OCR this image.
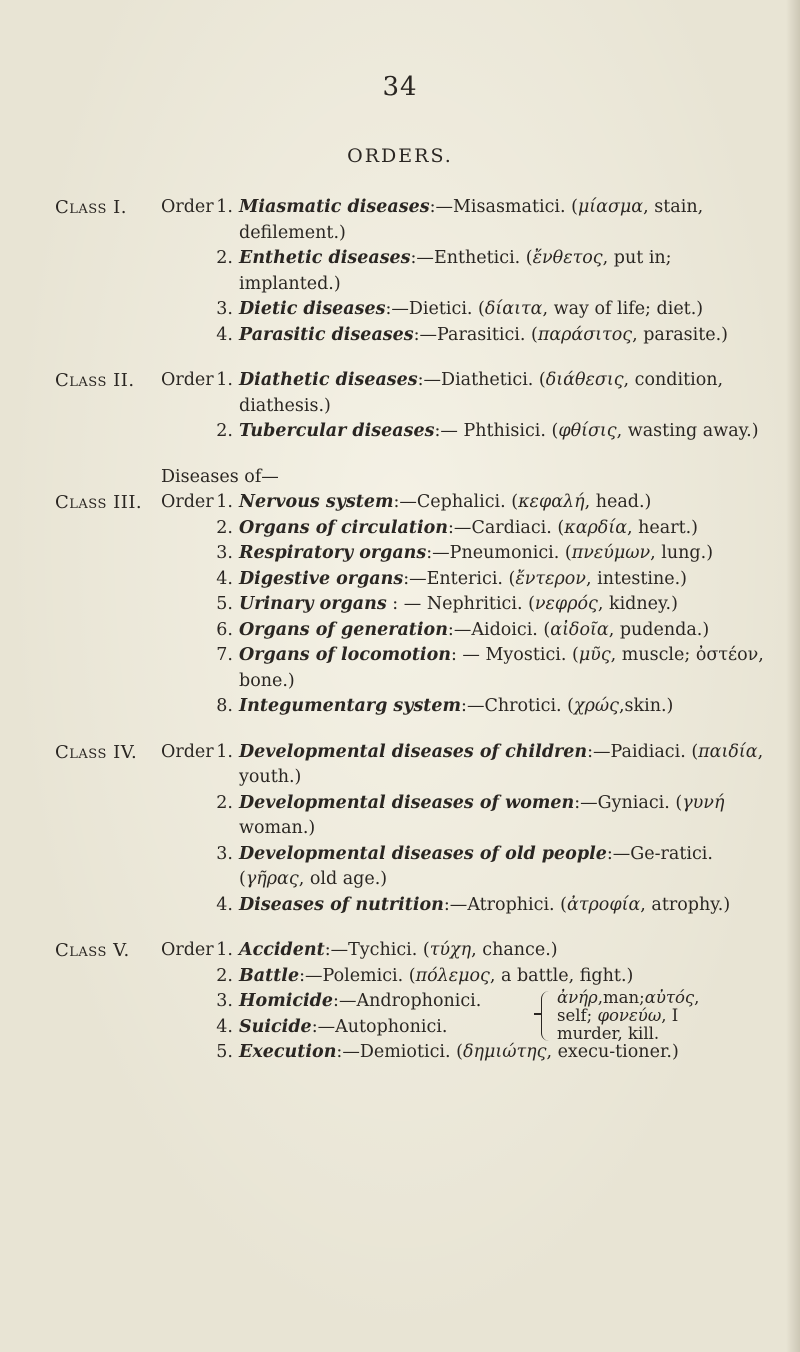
34
ORDERS.
Class I.	Order 1. Miasmatic diseases:—Misasmatici. (μίασμα, stain, defilement.)
2. Enthetic diseases:—Enthetici. (ἔνθετος, put in; implanted.)
3. Dietic diseases:—Dietici. (δίαιτα, way of life; diet.)
4. Parasitic diseases:—Parasitici. (παράσιτος, parasite.)
Class II.	Order 1. Diathetic diseases:—Diathetici. (διάθεσις, condition, diathesis.)
2. Tubercular diseases:— Phthisici. (φθίσις, wasting away.)
Diseases of—
Class III.	Order 1. Nervous system:—Cephalici. (κεφαλή, head.)
2. Organs of circulation:—Cardiaci. (καρδία, heart.)
3. Respiratory organs:—Pneumonici. (πνεύμων, lung.)
4. Digestive organs:—Enterici. (ἔντερον, intestine.)
5. Urinary organs : — Nephritici. (νεφρός, kidney.)
6. Organs of generation:—Aidoici. (αἰδοῖα, pudenda.)
7. Organs of locomotion: — Myostici. (μῦς, muscle; ὀστέον, bone.)
8. Integumentarg system:—Chrotici. (χρώς,skin.)
Class IV.	Order 1. Developmental diseases of children:—Paidiaci. (παιδία, youth.)
2. Developmental diseases of women:—Gyniaci. (γυνή woman.)
3. Developmental diseases of old people:—Ge-ratici. (γῆρας, old age.)
4. Diseases of nutrition:—Atrophici. (ἀτροφία, atrophy.)
Class V.	Order 1. Accident:—Tychici. (τύχη, chance.)
2. Battle:—Polemici. (πόλεμος, a battle, fight.)
3. Homicide:—Androphonici.
4. Suicide:—Autophonici.
ἀνήρ,man;αὐτός,
self; φονεύω, I
murder, kill.
5. Execution:—Demiotici. (δημιώτης, execu-tioner.)
